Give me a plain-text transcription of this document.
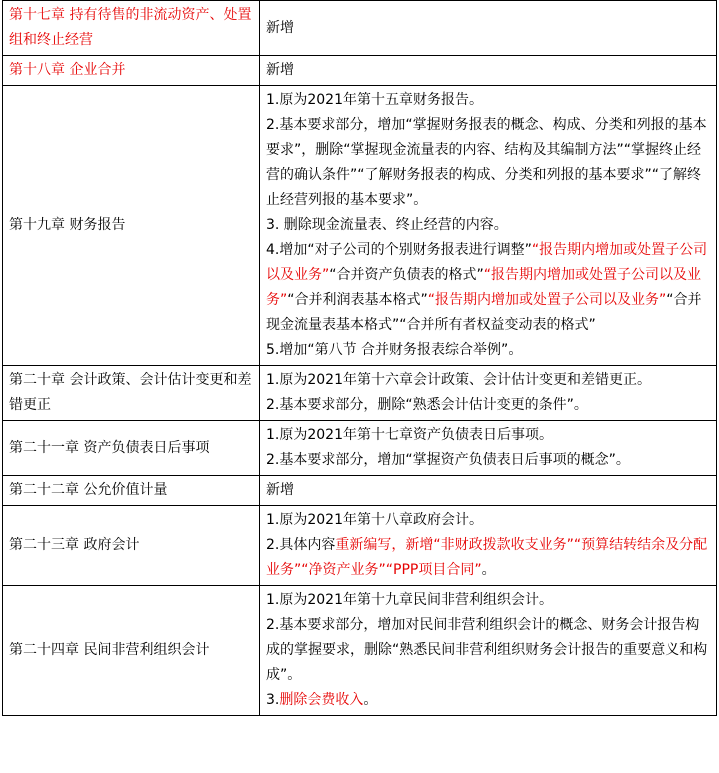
第十七章 持有待售的非流动资产、处置组和终止经营	新增
第十八章 企业合并	新增
第十九章 财务报告	1.原为2021年第十五章财务报告。
2.基本要求部分，增加“掌握财务报表的概念、构成、分类和列报的基本要求”，删除“掌握现金流量表的内容、结构及其编制方法”“掌握终止经营的确认条件”“了解财务报表的构成、分类和列报的基本要求”“了解终止经营列报的基本要求”。
3. 删除现金流量表、终止经营的内容。
4.增加“对子公司的个别财务报表进行调整”“报告期内增加或处置子公司以及业务”“合并资产负债表的格式”“报告期内增加或处置子公司以及业务”“合并利润表基本格式”“报告期内增加或处置子公司以及业务”“合并现金流量表基本格式”“合并所有者权益变动表的格式”
5.增加“第八节 合并财务报表综合举例”。

第二十章 会计政策、会计估计变更和差错更正	1.原为2021年第十六章会计政策、会计估计变更和差错更正。
2.基本要求部分，删除“熟悉会计估计变更的条件”。

第二十一章 资产负债表日后事项	1.原为2021年第十七章资产负债表日后事项。
2.基本要求部分，增加“掌握资产负债表日后事项的概念”。

第二十二章 公允价值计量	新增
第二十三章 政府会计	1.原为2021年第十八章政府会计。
2.具体内容重新编写，新增“非财政拨款收支业务”“预算结转结余及分配业务”“净资产业务”“PPP项目合同”。

第二十四章 民间非营利组织会计	1.原为2021年第十九章民间非营利组织会计。
2.基本要求部分，增加对民间非营利组织会计的概念、财务会计报告构成的掌握要求，删除“熟悉民间非营利组织财务会计报告的重要意义和构成”。
3.删除会费收入。
